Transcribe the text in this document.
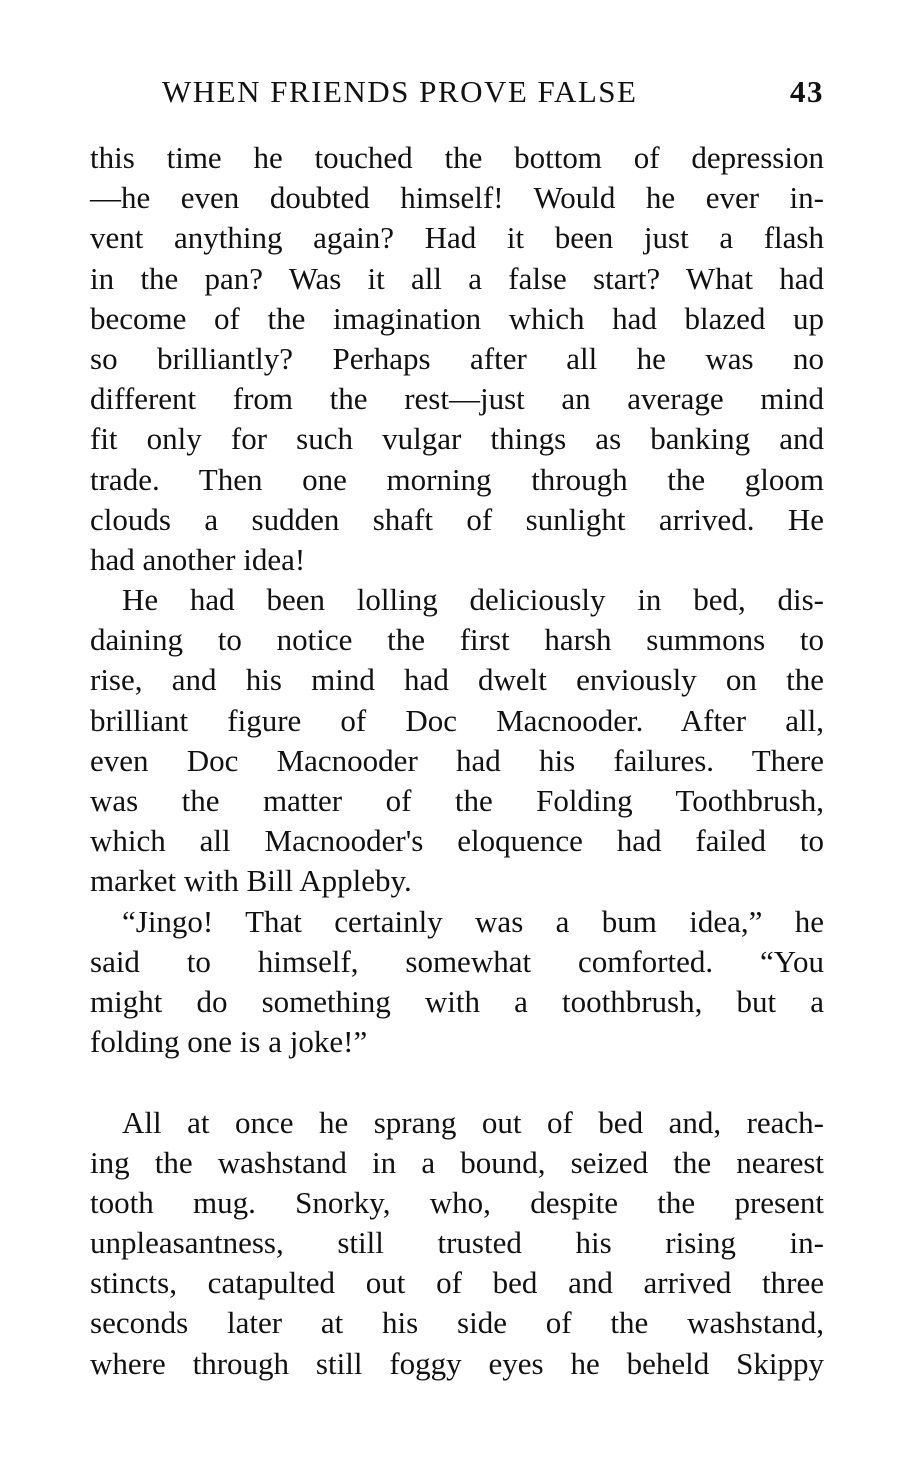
WHEN FRIENDS PROVE FALSE	43
this time he touched the bottom of depression
—he even doubted himself! Would he ever in-
vent anything again? Had it been just a flash
in the pan? Was it all a false start? What had
become of the imagination which had blazed up
so brilliantly? Perhaps after all he was no
different from the rest—just an average mind
fit only for such vulgar things as banking and
trade. Then one morning through the gloom
clouds a sudden shaft of sunlight arrived. He
had another idea!
He had been lolling deliciously in bed, dis-
daining to notice the first harsh summons to
rise, and his mind had dwelt enviously on the
brilliant figure of Doc Macnooder. After all,
even Doc Macnooder had his failures. There
was the matter of the Folding Toothbrush,
which all Macnooder's eloquence had failed to
market with Bill Appleby.
“Jingo! That certainly was a bum idea,” he
said to himself, somewhat comforted. “You
might do something with a toothbrush, but a
folding one is a joke!”
All at once he sprang out of bed and, reach-
ing the washstand in a bound, seized the nearest
tooth mug. Snorky, who, despite the present
unpleasantness, still trusted his rising in-
stincts, catapulted out of bed and arrived three
seconds later at his side of the washstand,
where through still foggy eyes he beheld Skippy
